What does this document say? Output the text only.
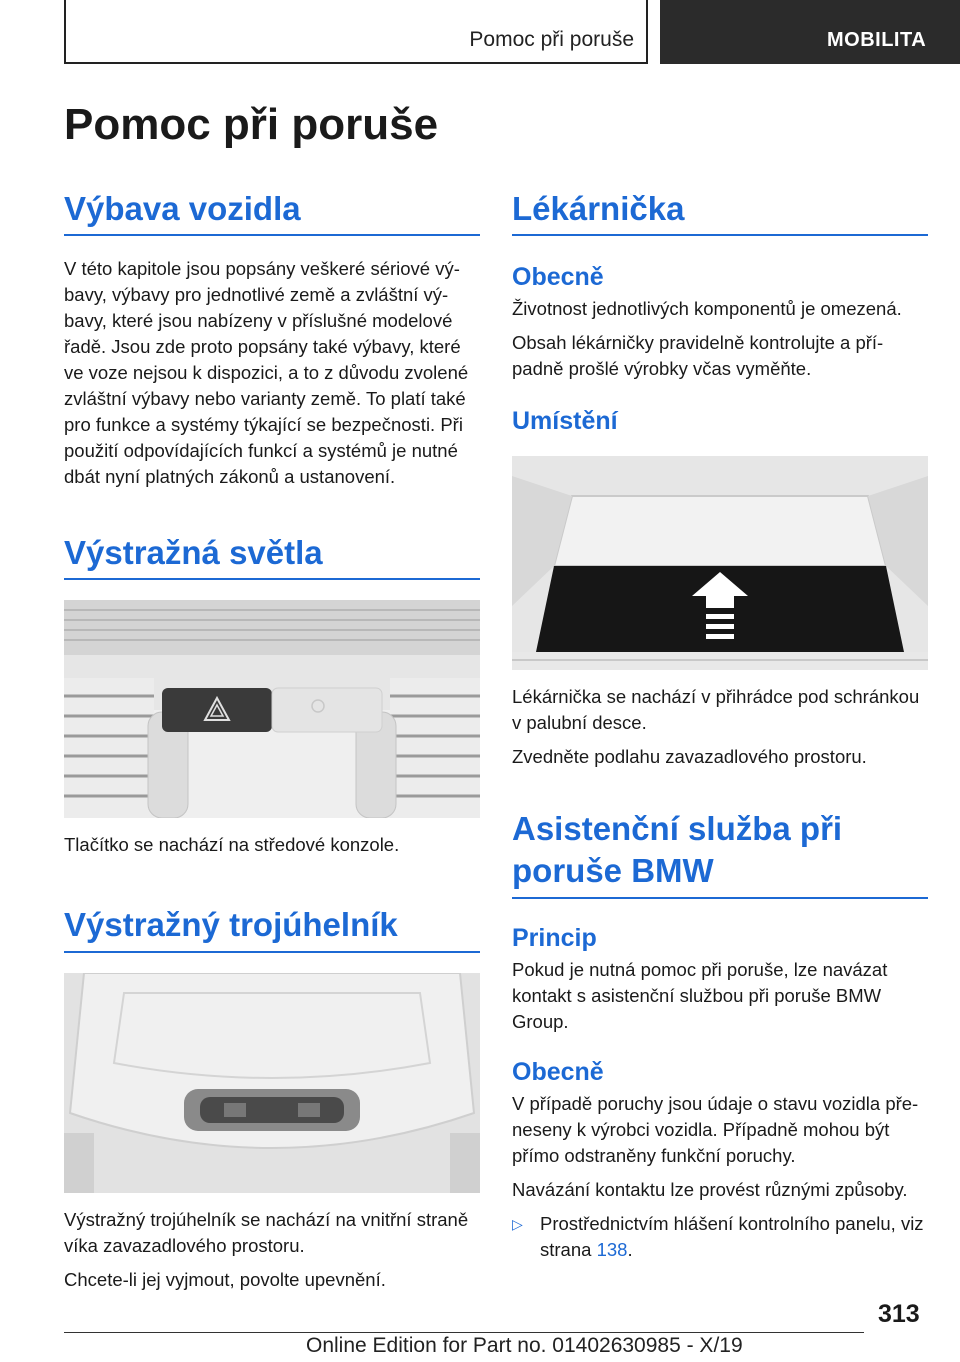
Pomoc při poruše	MOBILITA
Pomoc při poruše
Výbava vozidla

V této kapitole jsou popsány veškeré sériové vý-bavy, výbavy pro jednotlivé země a zvláštní vý-bavy, které jsou nabízeny v příslušné modelové řadě. Jsou zde proto popsány také výbavy, které ve voze nejsou k dispozici, a to z důvodu zvolené zvláštní výbavy nebo varianty země. To platí také pro funkce a systémy týkající se bezpečnosti. Při použití odpovídajících funkcí a systémů je nutné dbát nyní platných zákonů a ustanovení.

Výstražná světla

Tlačítko se nachází na středové konzole.

Výstražný trojúhelník

Výstražný trojúhelník se nachází na vnitřní straně víka zavazadlového prostoru.

Chcete-li jej vyjmout, povolte upevnění.

Lékárnička
Obecně

Životnost jednotlivých komponentů je omezená.

Obsah lékárničky pravidelně kontrolujte a pří-padně prošlé výrobky včas vyměňte.

Umístění

Lékárnička se nachází v přihrádce pod schránkou v palubní desce.

Zvedněte podlahu zavazadlového prostoru.

Asistenční služba při poruše BMW
Princip

Pokud je nutná pomoc při poruše, lze navázat kontakt s asistenční službou při poruše BMW Group.

Obecně

V případě poruchy jsou údaje o stavu vozidla pře-neseny k výrobci vozidla. Případně mohou být přímo odstraněny funkční poruchy.

Navázání kontaktu lze provést různými způsoby.

▷ Prostřednictvím hlášení kontrolního panelu, viz strana 138.

313
Online Edition for Part no. 01402630985 - X/19
